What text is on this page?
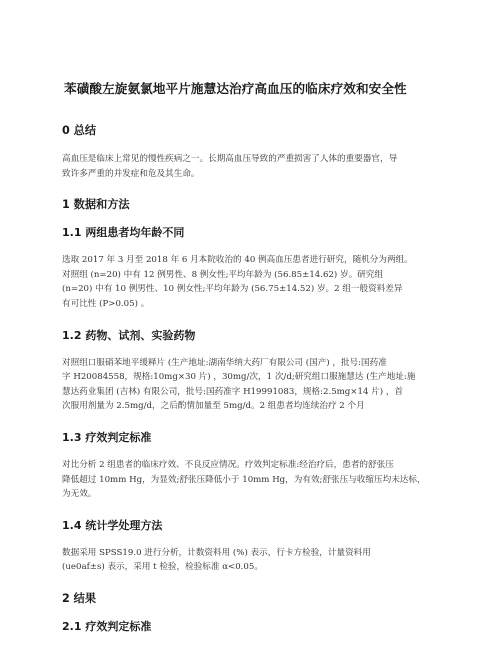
苯磺酸左旋氨氯地平片施慧达治疗高血压的临床疗效和安全性
0 总结
高血压是临床上常见的慢性疾病之一。长期高血压导致的严重损害了人体的重要器官，导
致许多严重的并发症和危及其生命。
1 数据和方法
1.1 两组患者均年龄不同
选取 2017 年 3 月至 2018 年 6 月本院收治的 40 例高血压患者进行研究，随机分为两组。
对照组 (n=20) 中有 12 例男性、8 例女性;平均年龄为 (56.85±14.62) 岁。研究组
(n=20) 中有 10 例男性、10 例女性;平均年龄为 (56.75±14.52) 岁。2 组一般资料差异
有可比性 (P>0.05) 。
1.2 药物、试剂、实验药物
对照组口服硝苯地平缓释片 (生产地址:湖南华纳大药厂有限公司 (国产) ，批号:国药准
字 H20084558，规格:10mg×30 片) ，30mg/次，1 次/d;研究组口服施慧达 (生产地址:施
慧达药业集团 (吉林) 有限公司，批号:国药准字 H19991083，规格:2.5mg×14 片) ，首
次服用剂量为 2.5mg/d，之后酌情加量至 5mg/d。2 组患者均连续治疗 2 个月
1.3 疗效判定标准
对比分析 2 组患者的临床疗效、不良反应情况。疗效判定标准:经治疗后，患者的舒张压
降低超过 10mm Hg，为显效;舒张压降低小于 10mm Hg，为有效;舒张压与收缩压均未达标，
为无效。
1.4 统计学处理方法
数据采用 SPSS19.0 进行分析，计数资料用 (%) 表示，行卡方检验，计量资料用
(ue0af±s) 表示，采用 t 检验，检验标准 α<0.05。
2 结果
2.1 疗效判定标准
